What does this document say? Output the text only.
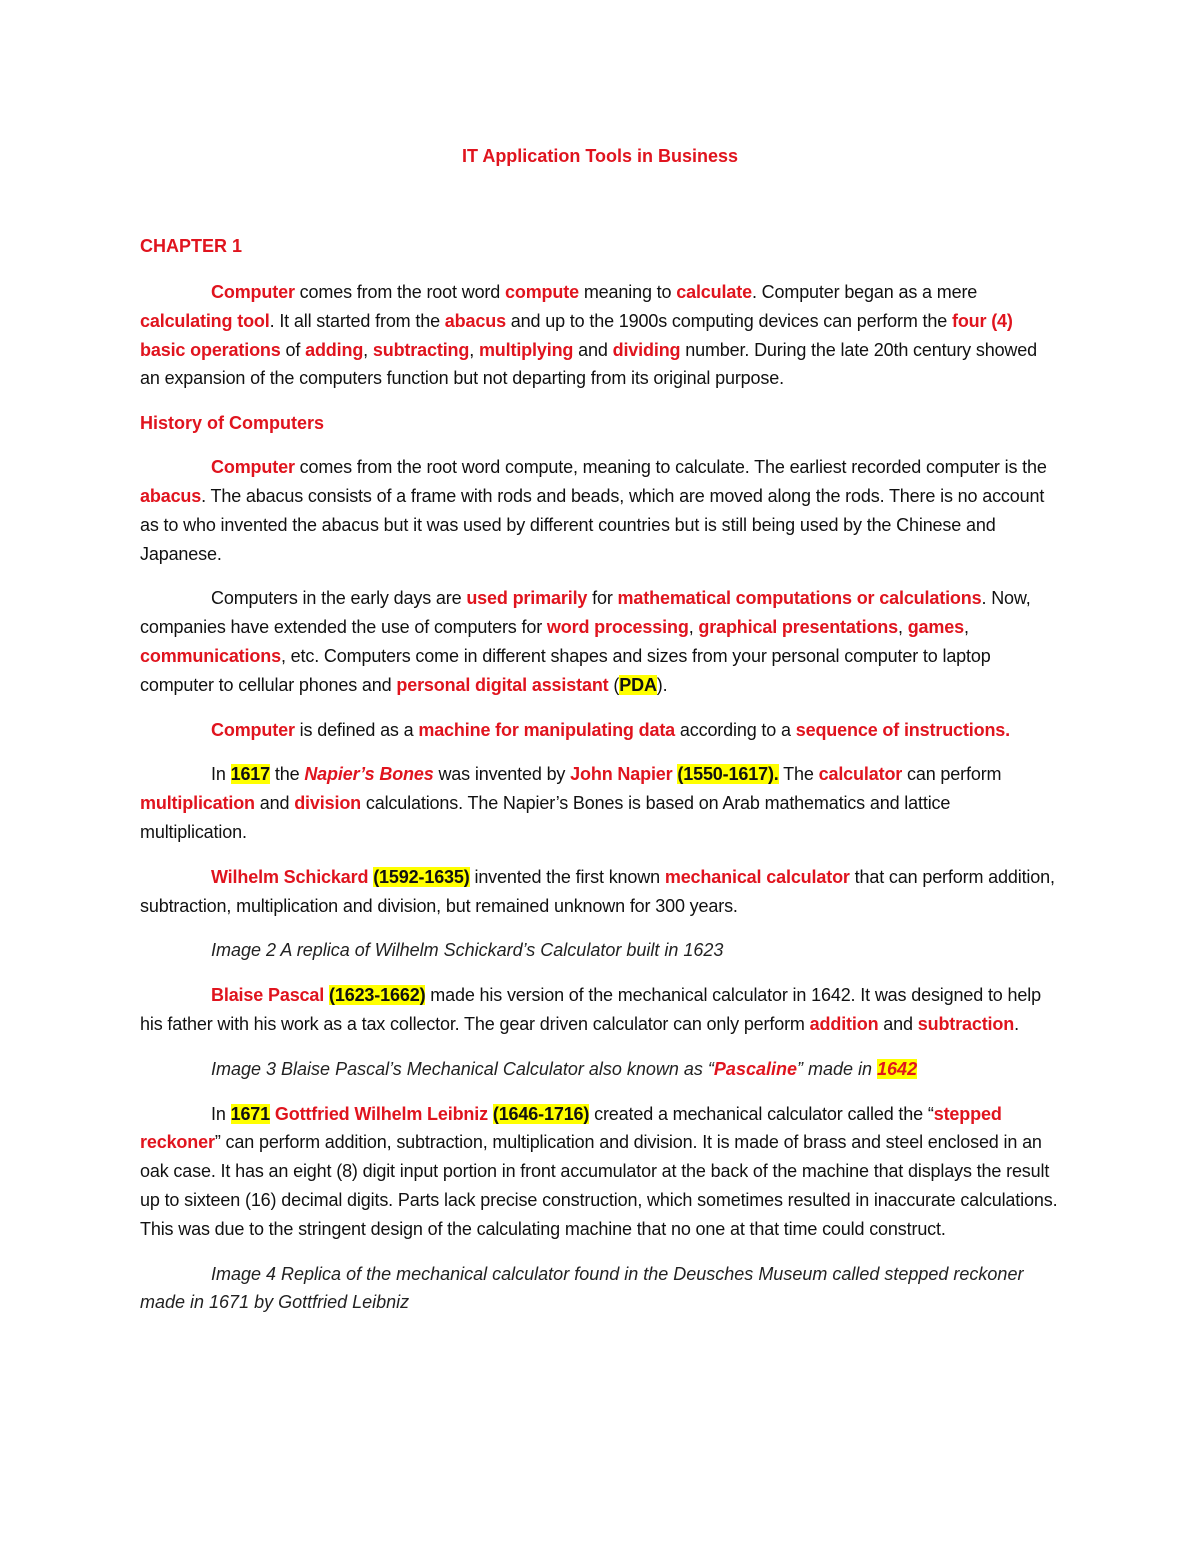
IT Application Tools in Business
CHAPTER 1

Computer comes from the root word compute meaning to calculate. Computer began as a mere calculating tool. It all started from the abacus and up to the 1900s computing devices can perform the four (4) basic operations of adding, subtracting, multiplying and dividing number. During the late 20th century showed an expansion of the computers function but not departing from its original purpose.

History of Computers

Computer comes from the root word compute, meaning to calculate. The earliest recorded computer is the abacus. The abacus consists of a frame with rods and beads, which are moved along the rods. There is no account as to who invented the abacus but it was used by different countries but is still being used by the Chinese and Japanese.

Computers in the early days are used primarily for mathematical computations or calculations. Now, companies have extended the use of computers for word processing, graphical presentations, games, communications, etc. Computers come in different shapes and sizes from your personal computer to laptop computer to cellular phones and personal digital assistant (PDA).

Computer is defined as a machine for manipulating data according to a sequence of instructions.

In 1617 the Napier’s Bones was invented by John Napier (1550-1617). The calculator can perform multiplication and division calculations. The Napier’s Bones is based on Arab mathematics and lattice multiplication.

Wilhelm Schickard (1592-1635) invented the first known mechanical calculator that can perform addition, subtraction, multiplication and division, but remained unknown for 300 years.

Image 2 A replica of Wilhelm Schickard’s Calculator built in 1623

Blaise Pascal (1623-1662) made his version of the mechanical calculator in 1642. It was designed to help his father with his work as a tax collector. The gear driven calculator can only perform addition and subtraction.

Image 3 Blaise Pascal’s Mechanical Calculator also known as “Pascaline” made in 1642

In 1671 Gottfried Wilhelm Leibniz (1646-1716) created a mechanical calculator called the “stepped reckoner” can perform addition, subtraction, multiplication and division. It is made of brass and steel enclosed in an oak case. It has an eight (8) digit input portion in front accumulator at the back of the machine that displays the result up to sixteen (16) decimal digits. Parts lack precise construction, which sometimes resulted in inaccurate calculations. This was due to the stringent design of the calculating machine that no one at that time could construct.

Image 4 Replica of the mechanical calculator found in the Deusches Museum called stepped reckoner made in 1671 by Gottfried Leibniz
